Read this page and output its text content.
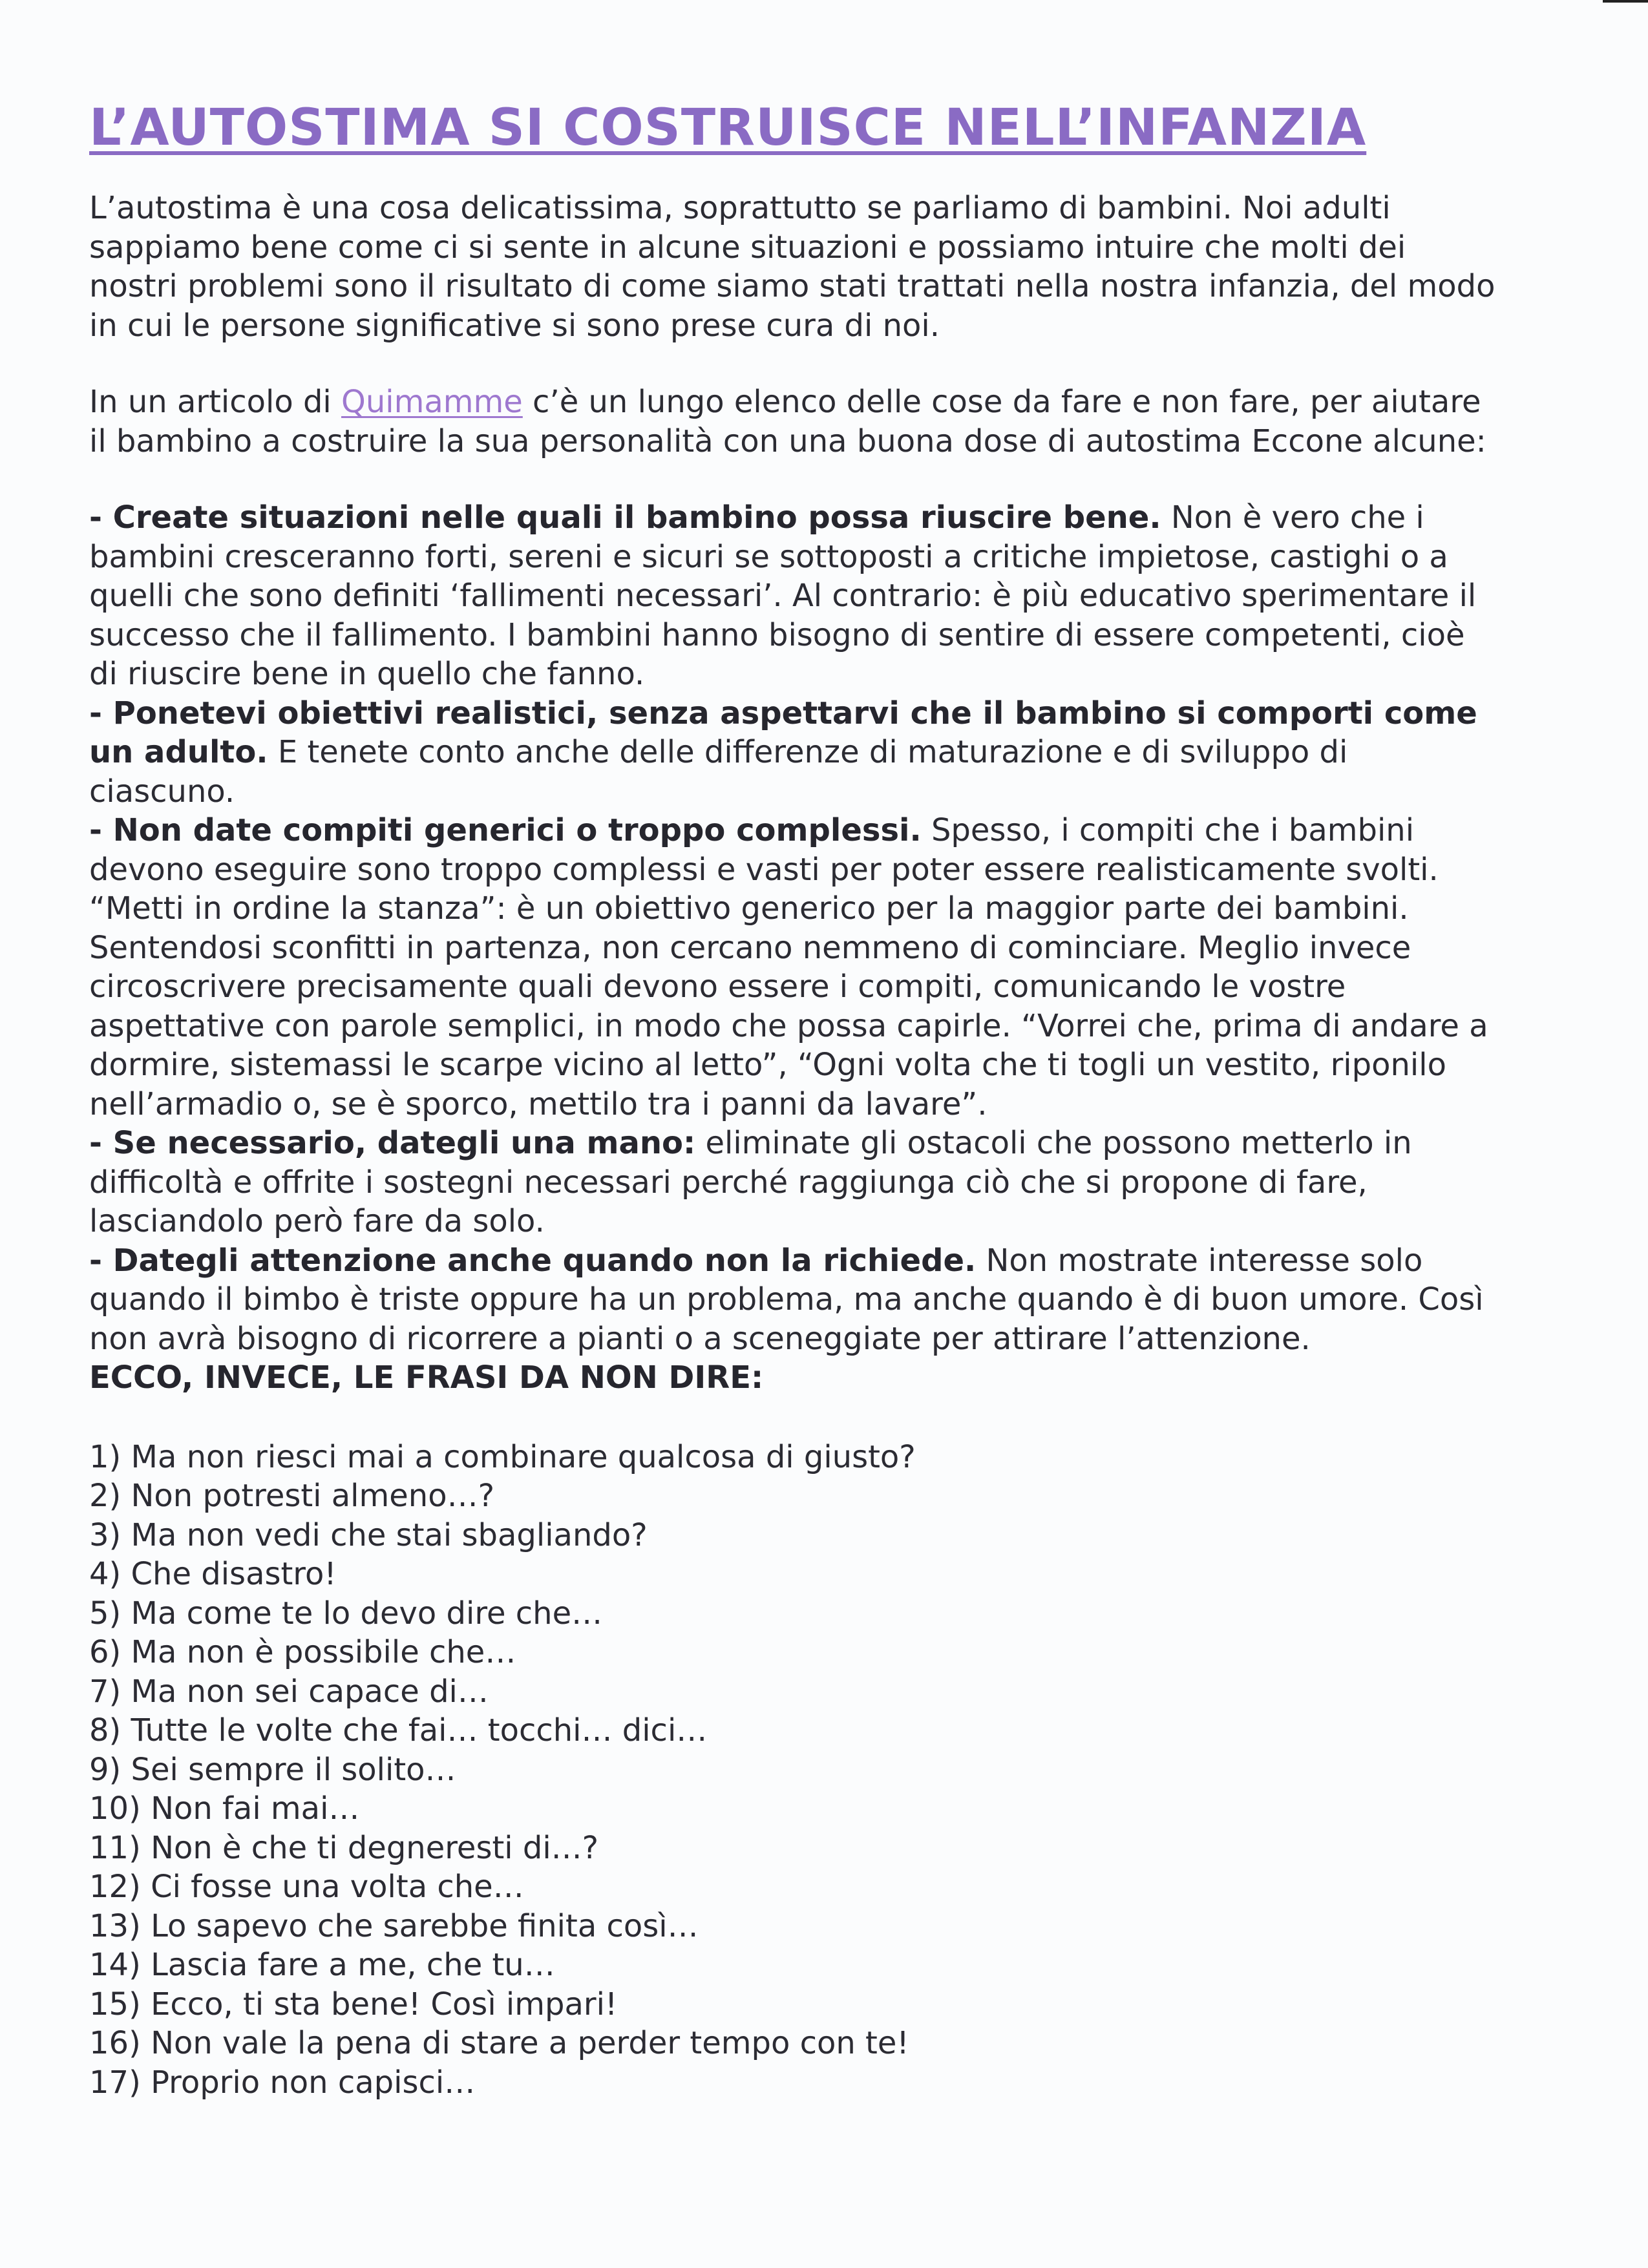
L’AUTOSTIMA SI COSTRUISCE NELL’INFANZIA

L’autostima è una cosa delicatissima, soprattutto se parliamo di bambini. Noi adulti sappiamo bene come ci si sente in alcune situazioni e possiamo intuire che molti dei nostri problemi sono il risultato di come siamo stati trattati nella nostra infanzia, del modo in cui le persone significative si sono prese cura di noi.

In un articolo di Quimamme c’è un lungo elenco delle cose da fare e non fare, per aiutare il bambino a costruire la sua personalità con una buona dose di autostima Eccone alcune:

- Create situazioni nelle quali il bambino possa riuscire bene. Non è vero che i bambini cresceranno forti, sereni e sicuri se sottoposti a critiche impietose, castighi o a quelli che sono definiti ‘fallimenti necessari’. Al contrario: è più educativo sperimentare il successo che il fallimento. I bambini hanno bisogno di sentire di essere competenti, cioè di riuscire bene in quello che fanno.

- Ponetevi obiettivi realistici, senza aspettarvi che il bambino si comporti come un adulto. E tenete conto anche delle differenze di maturazione e di sviluppo di ciascuno.

- Non date compiti generici o troppo complessi. Spesso, i compiti che i bambini devono eseguire sono troppo complessi e vasti per poter essere realisticamente svolti. “Metti in ordine la stanza”: è un obiettivo generico per la maggior parte dei bambini. Sentendosi sconfitti in partenza, non cercano nemmeno di cominciare. Meglio invece circoscrivere precisamente quali devono essere i compiti, comunicando le vostre aspettative con parole semplici, in modo che possa capirle. “Vorrei che, prima di andare a dormire, sistemassi le scarpe vicino al letto”, “Ogni volta che ti togli un vestito, riponilo nell’armadio o, se è sporco, mettilo tra i panni da lavare”.

- Se necessario, dategli una mano: eliminate gli ostacoli che possono metterlo in difficoltà e offrite i sostegni necessari perché raggiunga ciò che si propone di fare, lasciandolo però fare da solo.

- Dategli attenzione anche quando non la richiede. Non mostrate interesse solo quando il bimbo è triste oppure ha un problema, ma anche quando è di buon umore. Così non avrà bisogno di ricorrere a pianti o a sceneggiate per attirare l’attenzione.

ECCO, INVECE, LE FRASI DA NON DIRE:

1) Ma non riesci mai a combinare qualcosa di giusto?
2) Non potresti almeno…?
3) Ma non vedi che stai sbagliando?
4) Che disastro!
5) Ma come te lo devo dire che…
6) Ma non è possibile che…
7) Ma non sei capace di…
8) Tutte le volte che fai… tocchi… dici…
9) Sei sempre il solito…
10) Non fai mai…
11) Non è che ti degneresti di…?
12) Ci fosse una volta che…
13) Lo sapevo che sarebbe finita così…
14) Lascia fare a me, che tu…
15) Ecco, ti sta bene! Così impari!
16) Non vale la pena di stare a perder tempo con te!
17) Proprio non capisci…
